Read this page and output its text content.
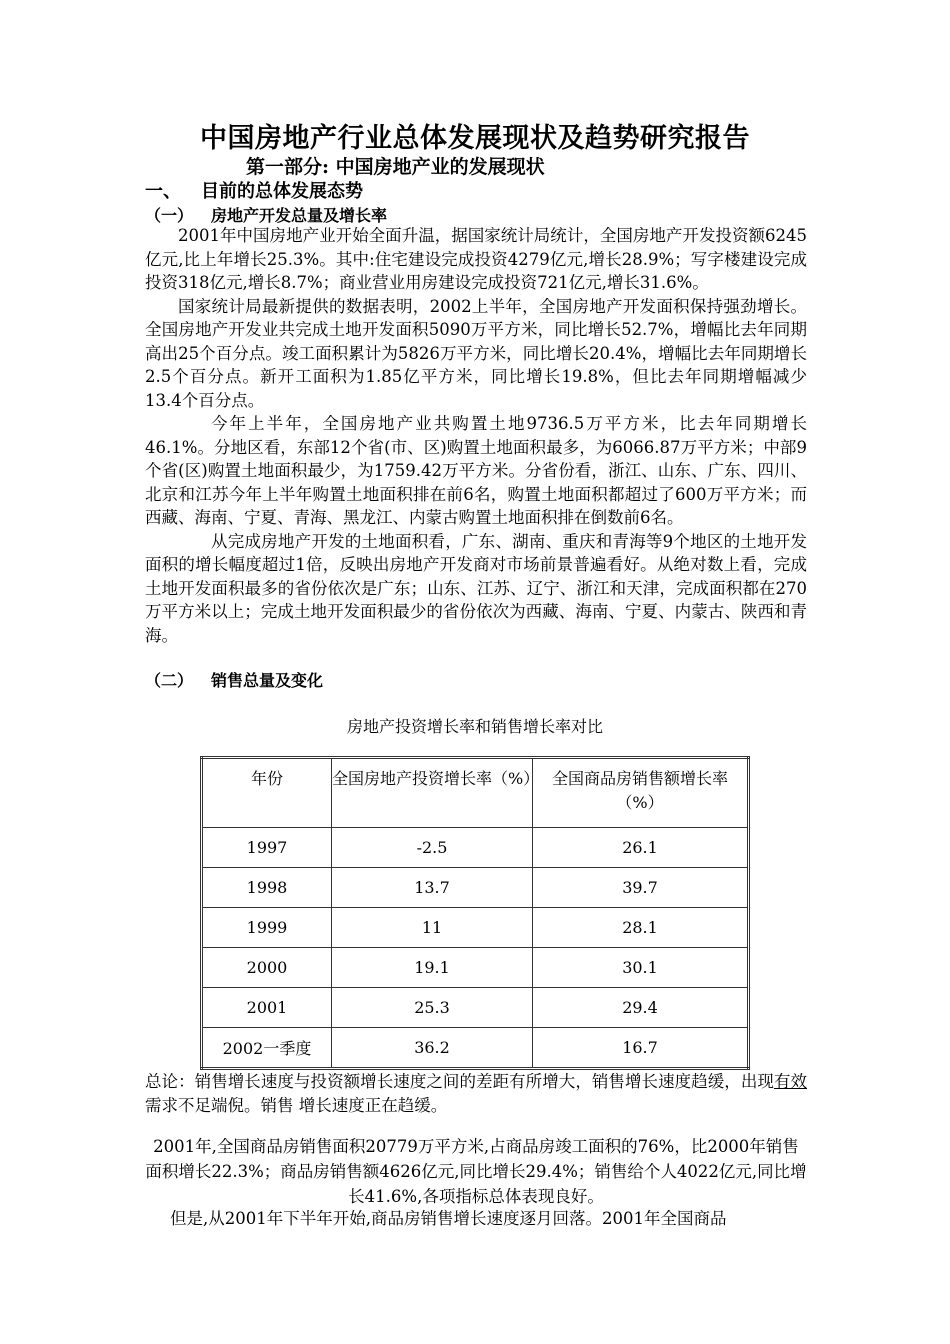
中国房地产行业总体发展现状及趋势研究报告
第一部分: 中国房地产业的发展现状
一、 目前的总体发展态势
（一） 房地产开发总量及增长率

2001年中国房地产业开始全面升温，据国家统计局统计，全国房地产开发投资额6245亿元,比上年增长25.3%。其中:住宅建设完成投资4279亿元,增长28.9%；写字楼建设完成投资318亿元,增长8.7%；商业营业用房建设完成投资721亿元,增长31.6%。

国家统计局最新提供的数据表明，2002上半年，全国房地产开发面积保持强劲增长。全国房地产开发业共完成土地开发面积5090万平方米，同比增长52.7%，增幅比去年同期高出25个百分点。竣工面积累计为5826万平方米，同比增长20.4%，增幅比去年同期增长2.5个百分点。新开工面积为1.85亿平方米，同比增长19.8%，但比去年同期增幅减少13.4个百分点。

今年上半年，全国房地产业共购置土地9736.5万平方米，比去年同期增长46.1%。分地区看，东部12个省(市、区)购置土地面积最多，为6066.87万平方米；中部9个省(区)购置土地面积最少，为1759.42万平方米。分省份看，浙江、山东、广东、四川、北京和江苏今年上半年购置土地面积排在前6名，购置土地面积都超过了600万平方米；而西藏、海南、宁夏、青海、黑龙江、内蒙古购置土地面积排在倒数前6名。

从完成房地产开发的土地面积看，广东、湖南、重庆和青海等9个地区的土地开发面积的增长幅度超过1倍，反映出房地产开发商对市场前景普遍看好。从绝对数上看，完成土地开发面积最多的省份依次是广东；山东、江苏、辽宁、浙江和天津，完成面积都在270万平方米以上；完成土地开发面积最少的省份依次为西藏、海南、宁夏、内蒙古、陕西和青海。

（二） 销售总量及变化
房地产投资增长率和销售增长率对比
年份	全国房地产投资增长率（%）	全国商品房销售额增长率（%）
1997	-2.5	26.1
1998	13.7	39.7
1999	11	28.1
2000	19.1	30.1
2001	25.3	29.4
2002一季度	36.2	16.7
总论：销售增长速度与投资额增长速度之间的差距有所增大，销售增长速度趋缓，出现有效需求不足端倪。销售 增长速度正在趋缓。
2001年,全国商品房销售面积20779万平方米,占商品房竣工面积的76%，比2000年销售面积增长22.3%；商品房销售额4626亿元,同比增长29.4%；销售给个人4022亿元,同比增长41.6%,各项指标总体表现良好。
但是,从2001年下半年开始,商品房销售增长速度逐月回落。2001年全国商品
